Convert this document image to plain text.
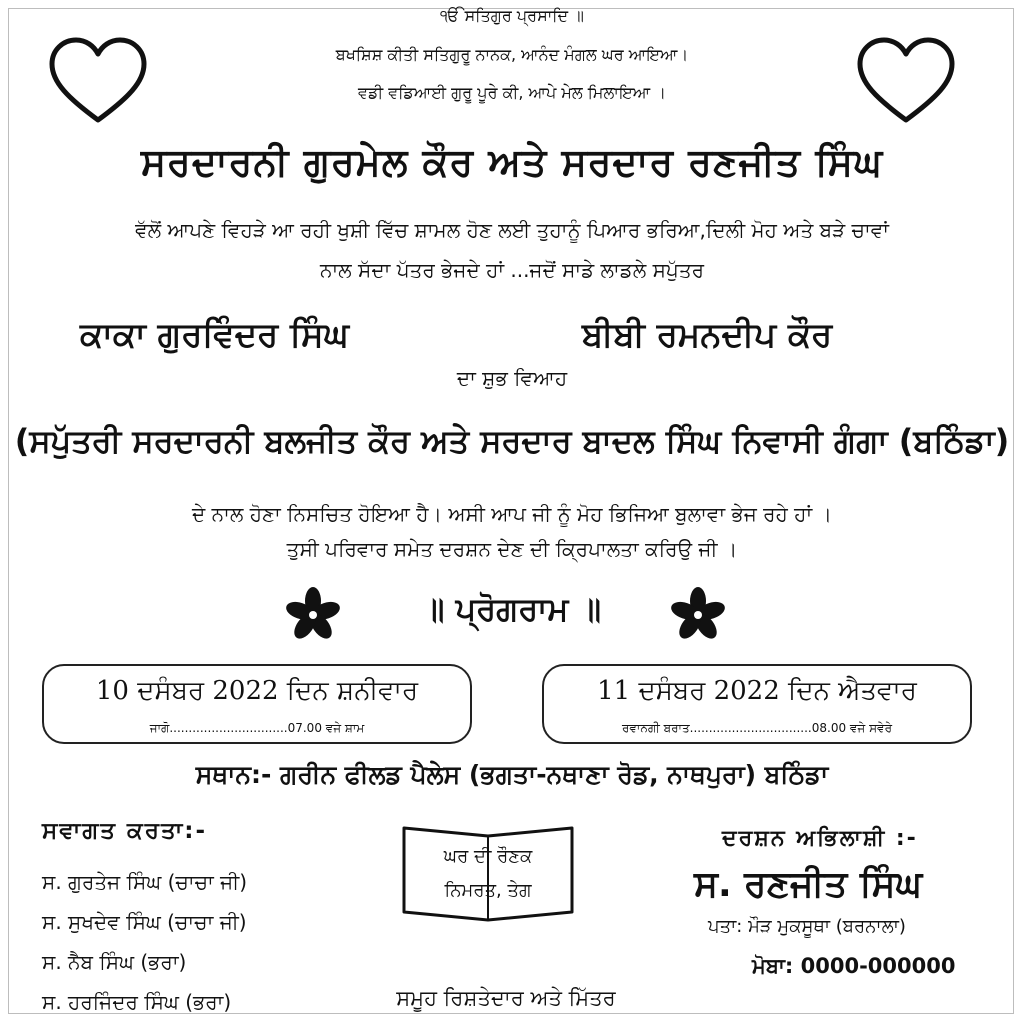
ੴ ਸਤਿਗੁਰ ਪ੍ਰਸਾਦਿ ॥
ਬਖਸ਼ਿਸ਼ ਕੀਤੀ ਸਤਿਗੁਰੂ ਨਾਨਕ, ਆਨੰਦ ਮੰਗਲ ਘਰ ਆਇਆ।
ਵਡੀ ਵਡਿਆਈ ਗੁਰੂ ਪੂਰੇ ਕੀ, ਆਪੇ ਮੇਲ ਮਿਲਾਇਆ ।
ਸਰਦਾਰਨੀ ਗੁਰਮੇਲ ਕੌਰ ਅਤੇ ਸਰਦਾਰ ਰਣਜੀਤ ਸਿੰਘ
ਵੱਲੋਂ ਆਪਣੇ ਵਿਹੜੇ ਆ ਰਹੀ ਖੁਸ਼ੀ ਵਿੱਚ ਸ਼ਾਮਲ ਹੋਣ ਲਈ ਤੁਹਾਨੂੰ ਪਿਆਰ ਭਰਿਆ,ਦਿਲੀ ਮੋਹ ਅਤੇ ਬੜੇ ਚਾਵਾਂ
ਨਾਲ ਸੱਦਾ ਪੱਤਰ ਭੇਜਦੇ ਹਾਂ ...ਜਦੋਂ ਸਾਡੇ ਲਾਡਲੇ ਸਪੁੱਤਰ
ਕਾਕਾ ਗੁਰਵਿੰਦਰ ਸਿੰਘ	ਬੀਬੀ ਰਮਨਦੀਪ ਕੌਰ
ਦਾ ਸ਼ੁਭ ਵਿਆਹ
(ਸਪੁੱਤਰੀ ਸਰਦਾਰਨੀ ਬਲਜੀਤ ਕੌਰ ਅਤੇ ਸਰਦਾਰ ਬਾਦਲ ਸਿੰਘ ਨਿਵਾਸੀ ਗੰਗਾ (ਬਠਿੰਡਾ)
ਦੇ ਨਾਲ ਹੋਣਾ ਨਿਸਚਿਤ ਹੋਇਆ ਹੈ। ਅਸੀ ਆਪ ਜੀ ਨੂੰ ਮੋਹ ਭਿਜਿਆ ਬੁਲਾਵਾ ਭੇਜ ਰਹੇ ਹਾਂ ।
ਤੁਸੀ ਪਰਿਵਾਰ ਸਮੇਤ ਦਰਸ਼ਨ ਦੇਣ ਦੀ ਕ੍ਰਿਪਾਲਤਾ ਕਰਿਉ ਜੀ ।
॥ ਪ੍ਰੋਗਰਾਮ ॥
10 ਦਸੰਬਰ 2022 ਦਿਨ ਸ਼ਨੀਵਾਰ
ਜਾਗੋ...............................07.00 ਵਜੇ ਸ਼ਾਮ
11 ਦਸੰਬਰ 2022 ਦਿਨ ਐਤਵਾਰ
ਰਵਾਨਗੀ ਬਰਾਤ................................08.00 ਵਜੇ ਸਵੇਰੇ
ਸਥਾਨ:- ਗਰੀਨ ਫੀਲਡ ਪੈਲੇਸ (ਭਗਤਾ-ਨਥਾਣਾ ਰੋਡ, ਨਾਥਪੁਰਾ) ਬਠਿੰਡਾ
ਸਵਾਗਤ ਕਰਤਾ:-
ਸ. ਗੁਰਤੇਜ ਸਿੰਘ (ਚਾਚਾ ਜੀ)
ਸ. ਸੁਖਦੇਵ ਸਿੰਘ (ਚਾਚਾ ਜੀ)
ਸ. ਨੈਬ ਸਿੰਘ (ਭਰਾ)
ਸ. ਹਰਜਿੰਦਰ ਸਿੰਘ (ਭਰਾ)
ਘਰ ਦੀ ਰੌਣਕ
ਨਿਮਰਤ, ਤੇਗ
ਸਮੂਹ ਰਿਸ਼ਤੇਦਾਰ ਅਤੇ ਮਿੱਤਰ
ਦਰਸ਼ਨ ਅਭਿਲਾਸ਼ੀ :-
ਸ. ਰਣਜੀਤ ਸਿੰਘ
ਪਤਾ: ਮੌੜ ਮੁਕਸੂਥਾ (ਬਰਨਾਲਾ)
ਮੋਬਾ: 0000-000000
